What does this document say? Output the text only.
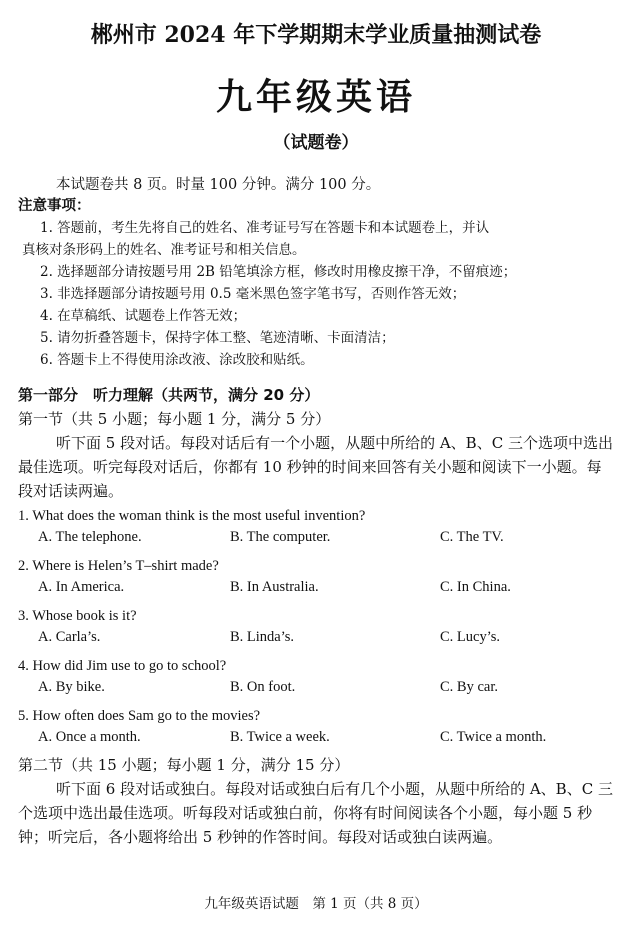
郴州市 2024 年下学期期末学业质量抽测试卷
九年级英语
（试题卷）
本试题卷共 8 页。时量 100 分钟。满分 100 分。
注意事项：
1. 答题前，考生先将自己的姓名、准考证号写在答题卡和本试题卷上，并认
真核对条形码上的姓名、准考证号和相关信息。
2. 选择题部分请按题号用 2B 铅笔填涂方框，修改时用橡皮擦干净，不留痕迹；
3. 非选择题部分请按题号用 0.5 毫米黑色签字笔书写，否则作答无效；
4. 在草稿纸、试题卷上作答无效；
5. 请勿折叠答题卡，保持字体工整、笔迹清晰、卡面清洁；
6. 答题卡上不得使用涂改液、涂改胶和贴纸。
第一部分　听力理解（共两节，满分 20 分）
第一节（共 5 小题；每小题 1 分，满分 5 分）
听下面 5 段对话。每段对话后有一个小题，从题中所给的 A、B、C 三个选项中选出最佳选项。听完每段对话后，你都有 10 秒钟的时间来回答有关小题和阅读下一小题。每段对话读两遍。
1. What does the woman think is the most useful invention?
A. The telephone.	B. The computer.	C. The TV.
2. Where is Helen’s T–shirt made?
A. In America.	B. In Australia.	C. In China.
3. Whose book is it?
A. Carla’s.	B. Linda’s.	C. Lucy’s.
4. How did Jim use to go to school?
A. By bike.	B. On foot.	C. By car.
5. How often does Sam go to the movies?
A. Once a month.	B. Twice a week.	C. Twice a month.
第二节（共 15 小题；每小题 1 分，满分 15 分）
听下面 6 段对话或独白。每段对话或独白后有几个小题，从题中所给的 A、B、C 三个选项中选出最佳选项。听每段对话或独白前，你将有时间阅读各个小题，每小题 5 秒钟；听完后，各小题将给出 5 秒钟的作答时间。每段对话或独白读两遍。
九年级英语试题　第 1 页（共 8 页）
